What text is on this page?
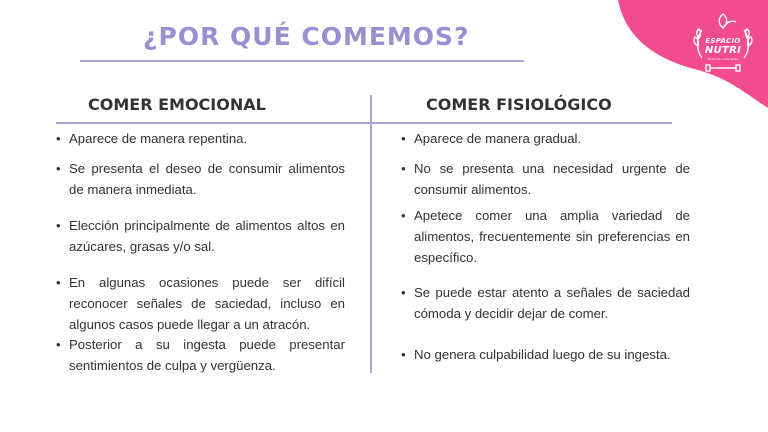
ESPACIO
NUTRI
Nutrición consciente
¿POR QUÉ COMEMOS?
COMER EMOCIONAL	COMER FISIOLÓGICO
• Aparece de manera repentina.
• Se presenta el deseo de consumir alimentos de manera inmediata.
• Elección principalmente de alimentos altos en azúcares, grasas y/o sal.
• En algunas ocasiones puede ser difícil reconocer señales de saciedad, incluso en algunos casos puede llegar a un atracón.
• Posterior a su ingesta puede presentar sentimientos de culpa y vergüenza.
• Aparece de manera gradual.
• No se presenta una necesidad urgente de consumir alimentos.
• Apetece comer una amplia variedad de alimentos, frecuentemente sin preferencias en específico.
• Se puede estar atento a señales de saciedad cómoda y decidir dejar de comer.
• No genera culpabilidad luego de su ingesta.
